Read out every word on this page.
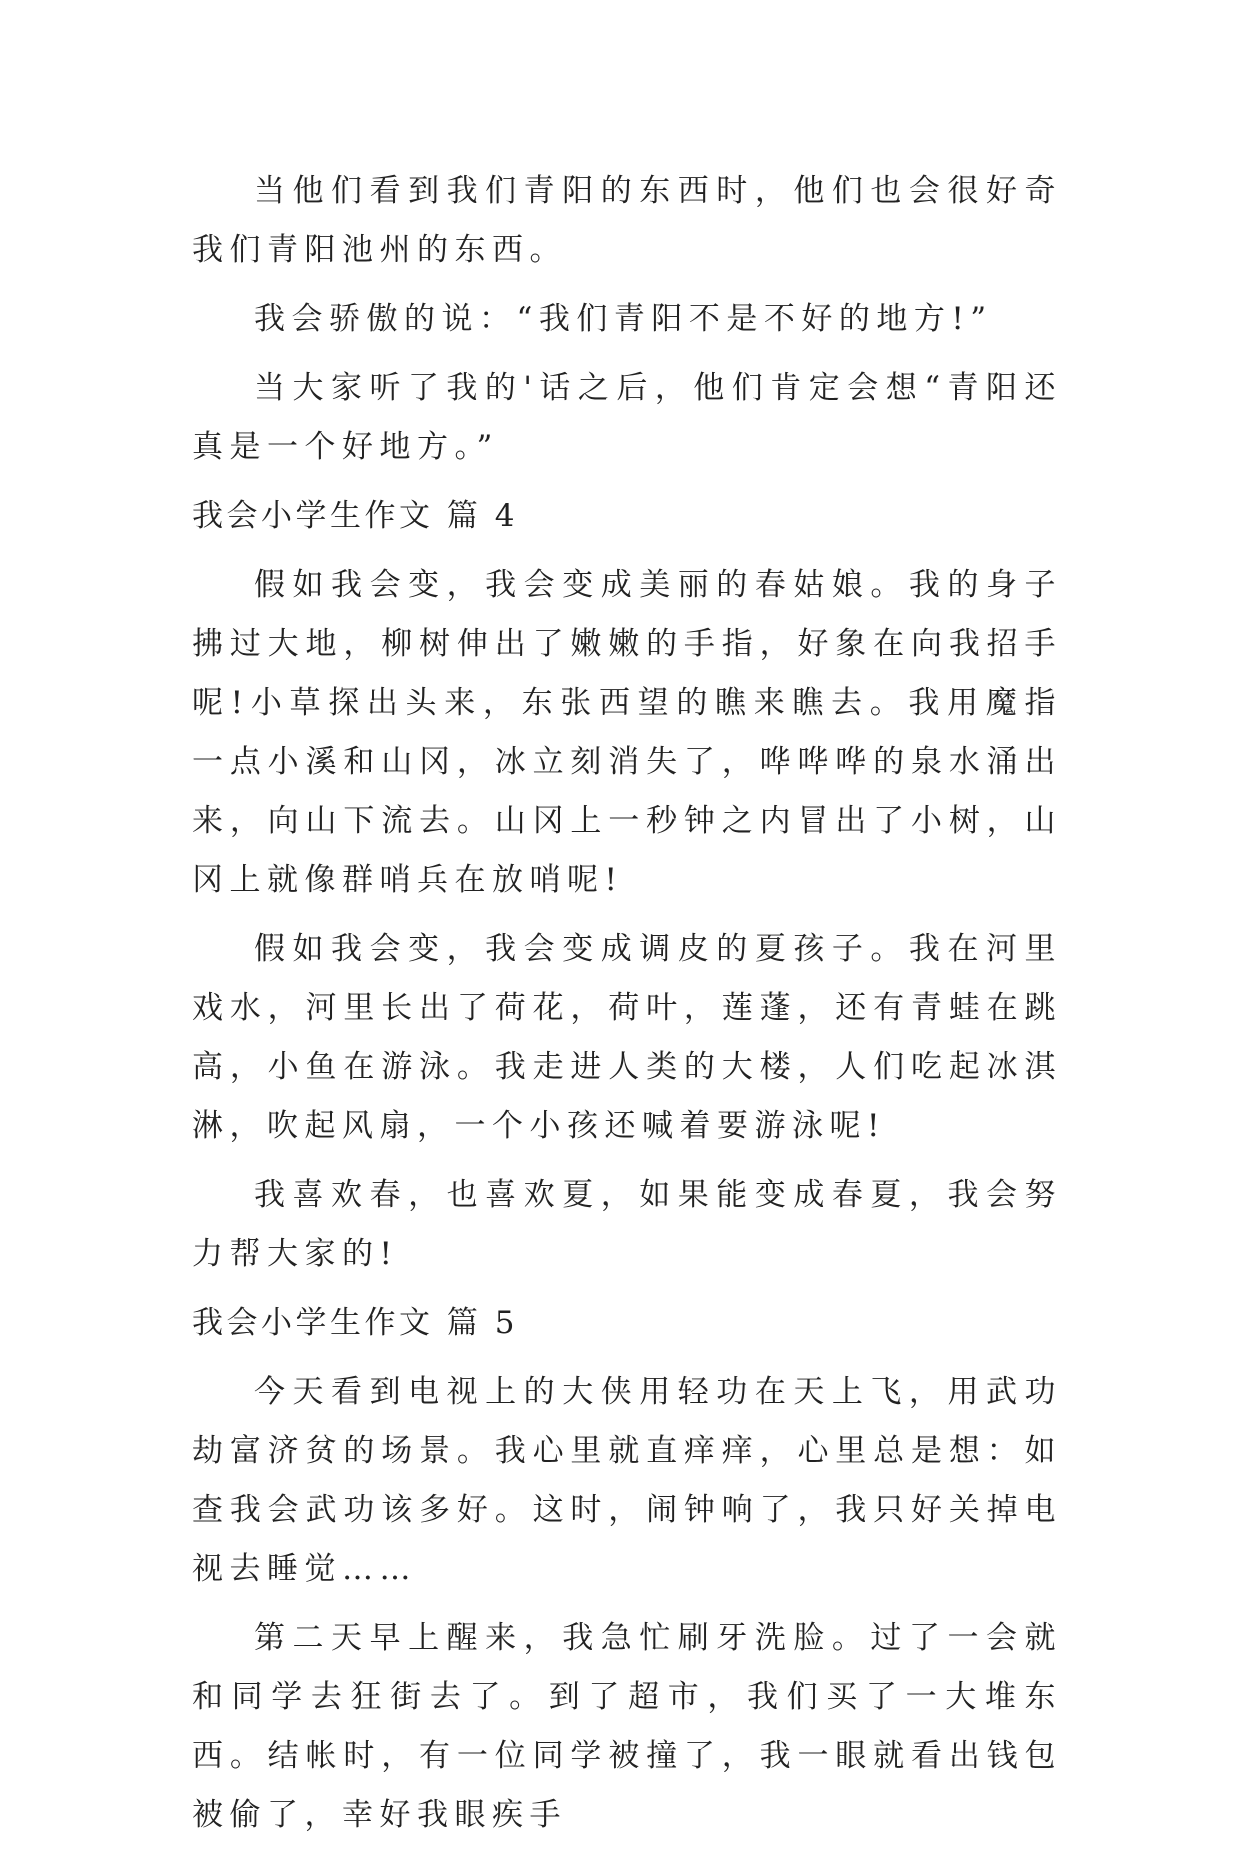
当他们看到我们青阳的东西时，他们也会很好奇我们青阳池州的东西。

我会骄傲的说：“我们青阳不是不好的地方!”

当大家听了我的'话之后，他们肯定会想“青阳还真是一个好地方。”

我会小学生作文 篇 4

假如我会变，我会变成美丽的春姑娘。我的身子拂过大地，柳树伸出了嫩嫩的手指，好象在向我招手呢!小草探出头来，东张西望的瞧来瞧去。我用魔指一点小溪和山冈，冰立刻消失了，哗哗哗的泉水涌出来，向山下流去。山冈上一秒钟之内冒出了小树，山冈上就像群哨兵在放哨呢!

假如我会变，我会变成调皮的夏孩子。我在河里戏水，河里长出了荷花，荷叶，莲蓬，还有青蛙在跳高，小鱼在游泳。我走进人类的大楼，人们吃起冰淇淋，吹起风扇，一个小孩还喊着要游泳呢!

我喜欢春，也喜欢夏，如果能变成春夏，我会努力帮大家的!

我会小学生作文 篇 5

今天看到电视上的大侠用轻功在天上飞，用武功劫富济贫的场景。我心里就直痒痒，心里总是想：如查我会武功该多好。这时，闹钟响了，我只好关掉电视去睡觉……

第二天早上醒来，我急忙刷牙洗脸。过了一会就和同学去狂街去了。到了超市，我们买了一大堆东西。结帐时，有一位同学被撞了，我一眼就看出钱包被偷了，幸好我眼疾手
